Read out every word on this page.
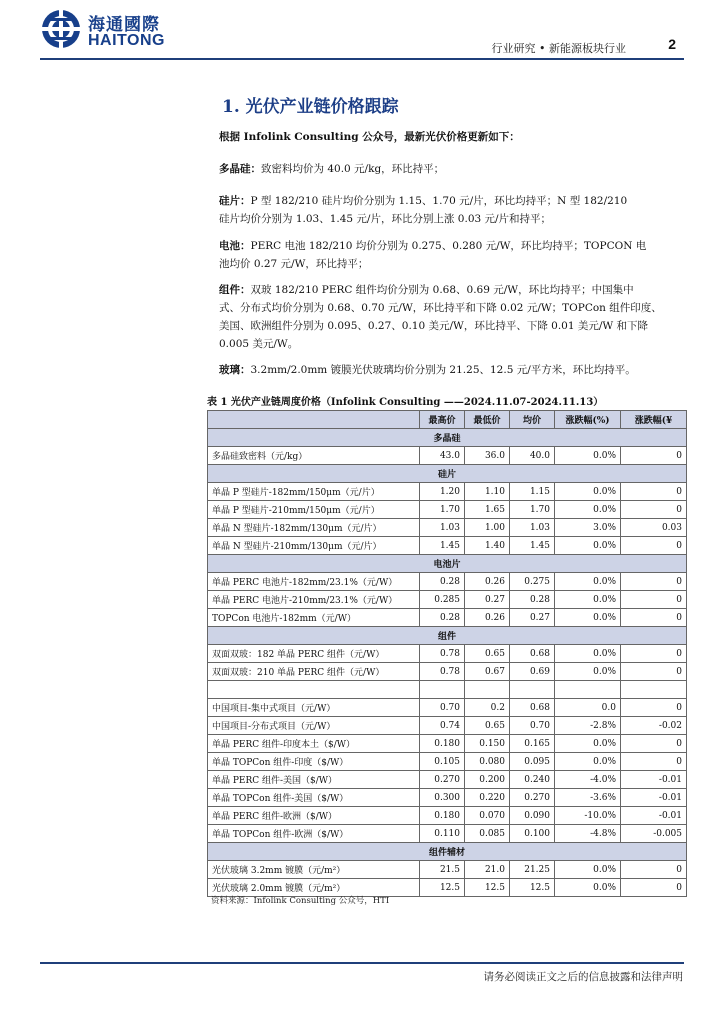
海通國際
HAITONG	行业研究 • 新能源板块行业	2
1. 光伏产业链价格跟踪
根据 Infolink Consulting 公众号，最新光伏价格更新如下：
多晶硅：致密料均价为 40.0 元/kg，环比持平；
硅片：P 型 182/210 硅片均价分别为 1.15、1.70 元/片，环比均持平；N 型 182/210
硅片均价分别为 1.03、1.45 元/片，环比分别上涨 0.03 元/片和持平；
电池：PERC 电池 182/210 均价分别为 0.275、0.280 元/W，环比均持平；TOPCON 电
池均价 0.27 元/W，环比持平；
组件：双玻 182/210 PERC 组件均价分别为 0.68、0.69 元/W，环比均持平；中国集中
式、分布式均价分别为 0.68、0.70 元/W，环比持平和下降 0.02 元/W；TOPCon 组件印度、
美国、欧洲组件分别为 0.095、0.27、0.10 美元/W，环比持平、下降 0.01 美元/W 和下降
0.005 美元/W。
玻璃：3.2mm/2.0mm 镀膜光伏玻璃均价分别为 21.25、12.5 元/平方米，环比均持平。
表 1 光伏产业链周度价格（Infolink Consulting ——2024.11.07-2024.11.13）
	最高价	最低价	均价	涨跌幅(%)	涨跌幅(¥
多晶硅					
多晶硅致密料（元/kg）	43.0	36.0	40.0	0.0%	0
硅片					
单晶 P 型硅片-182mm/150μm（元/片）	1.20	1.10	1.15	0.0%	0
单晶 P 型硅片-210mm/150μm（元/片）	1.70	1.65	1.70	0.0%	0
单晶 N 型硅片-182mm/130μm（元/片）	1.03	1.00	1.03	3.0%	0.03
单晶 N 型硅片-210mm/130μm（元/片）	1.45	1.40	1.45	0.0%	0
电池片					
单晶 PERC 电池片-182mm/23.1%（元/W）	0.28	0.26	0.275	0.0%	0
单晶 PERC 电池片-210mm/23.1%（元/W）	0.285	0.27	0.28	0.0%	0
TOPCon 电池片-182mm（元/W）	0.28	0.26	0.27	0.0%	0
组件					
双面双玻：182 单晶 PERC 组件（元/W）	0.78	0.65	0.68	0.0%	0
双面双玻：210 单晶 PERC 组件（元/W）	0.78	0.67	0.69	0.0%	0

中国项目-集中式项目（元/W）	0.70	0.2	0.68	0.0	0
中国项目-分布式项目（元/W）	0.74	0.65	0.70	-2.8%	-0.02
单晶 PERC 组件-印度本土（$/W）	0.180	0.150	0.165	0.0%	0
单晶 TOPCon 组件-印度（$/W）	0.105	0.080	0.095	0.0%	0
单晶 PERC 组件-美国（$/W）	0.270	0.200	0.240	-4.0%	-0.01
单晶 TOPCon 组件-美国（$/W）	0.300	0.220	0.270	-3.6%	-0.01
单晶 PERC 组件-欧洲（$/W）	0.180	0.070	0.090	-10.0%	-0.01
单晶 TOPCon 组件-欧洲（$/W）	0.110	0.085	0.100	-4.8%	-0.005
组件辅材					
光伏玻璃 3.2mm 镀膜（元/m²）	21.5	21.0	21.25	0.0%	0
光伏玻璃 2.0mm 镀膜（元/m²）	12.5	12.5	12.5	0.0%	0
资料来源：Infolink Consulting 公众号，HTI
请务必阅读正文之后的信息披露和法律声明
